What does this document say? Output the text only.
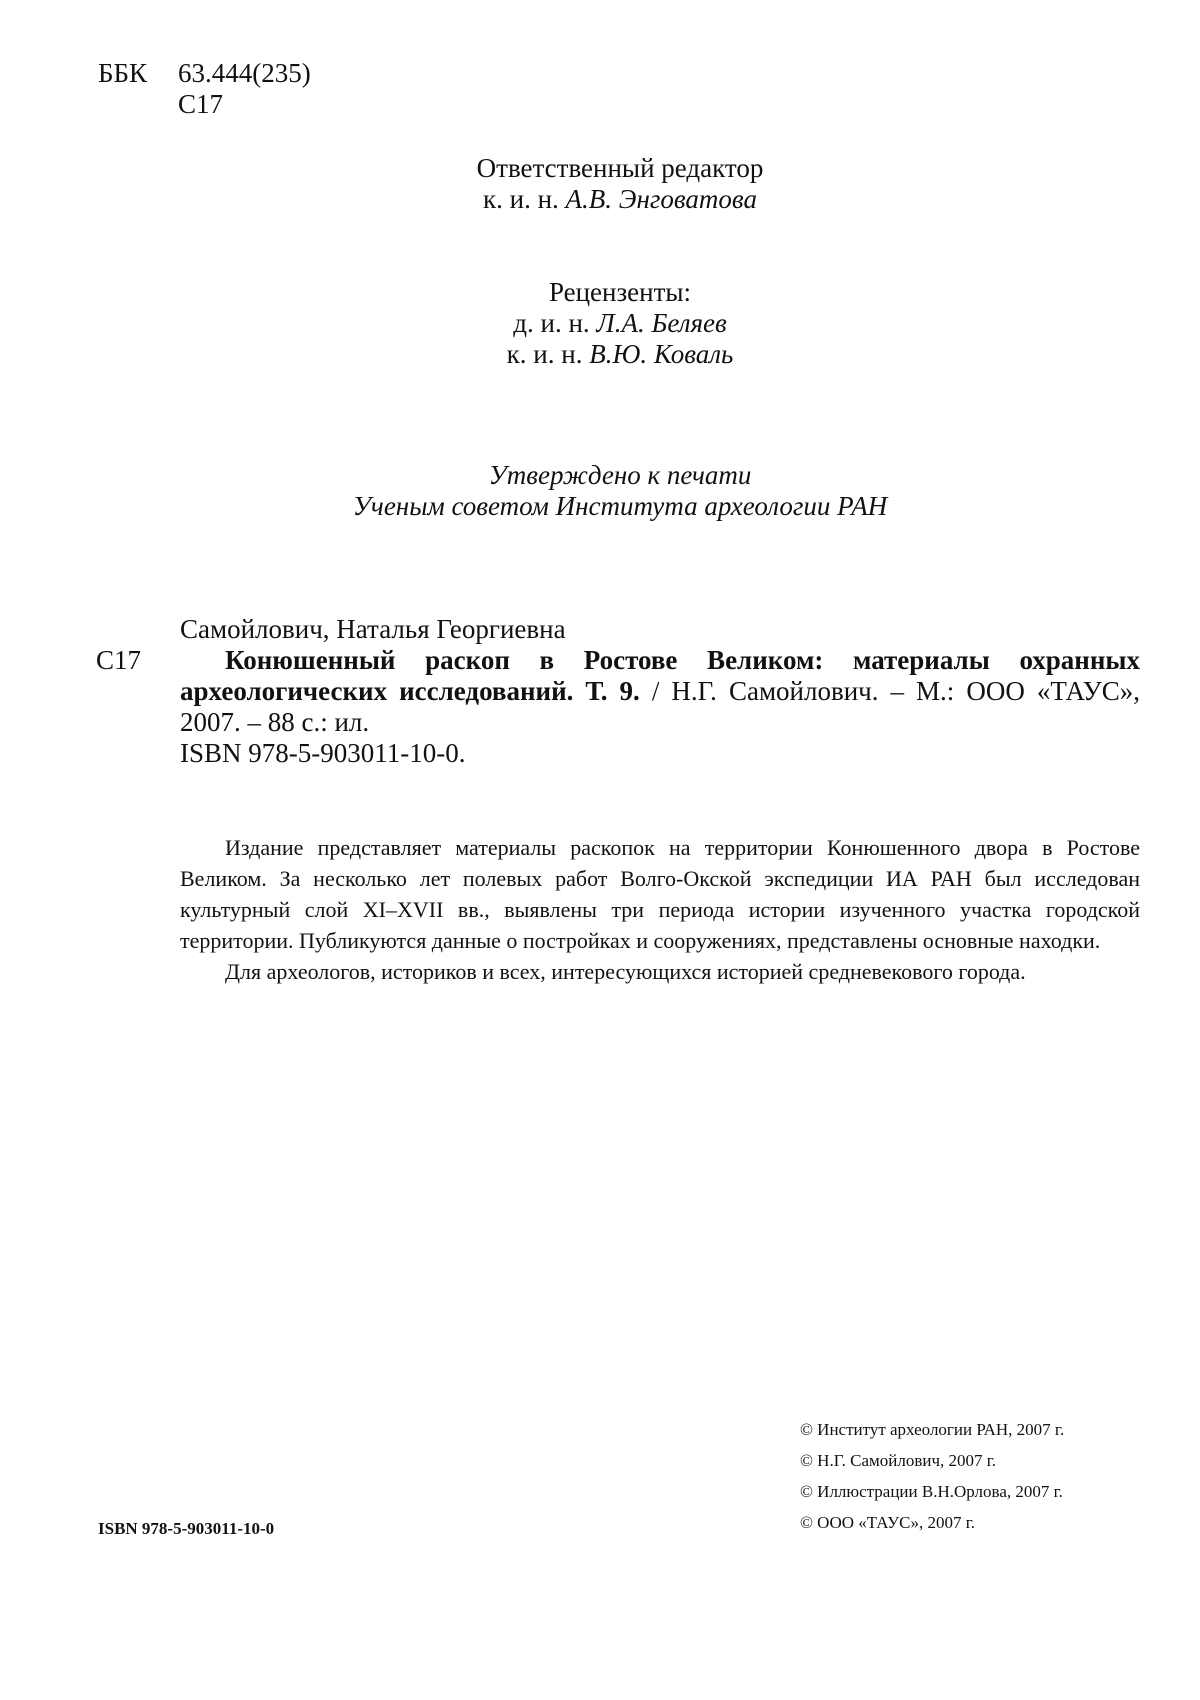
ББК 63.444(235)
С17
Ответственный редактор
к. и. н. А.В. Энговатова
Рецензенты:
д. и. н. Л.А. Беляев
к. и. н. В.Ю. Коваль
Утверждено к печати
Ученым советом Института археологии РАН
Самойлович, Наталья Георгиевна
С17	Конюшенный раскоп в Ростове Великом: материалы охранных археологических исследований. Т. 9. / Н.Г. Самойлович. – М.: ООО «ТАУС», 2007. – 88 с.: ил.
ISBN 978-5-903011-10-0.

Издание представляет материалы раскопок на территории Конюшенного двора в Ростове Великом. За несколько лет полевых работ Волго-Окской экспедиции ИА РАН был исследован культурный слой XI–XVII вв., выявлены три периода истории изученного участка городской территории. Публикуются данные о постройках и сооружениях, представлены основные находки.

Для археологов, историков и всех, интересующихся историей средневекового города.

ISBN 978-5-903011-10-0
© Институт археологии РАН, 2007 г.
© Н.Г. Самойлович, 2007 г.
© Иллюстрации В.Н.Орлова, 2007 г.
© ООО «ТАУС», 2007 г.
